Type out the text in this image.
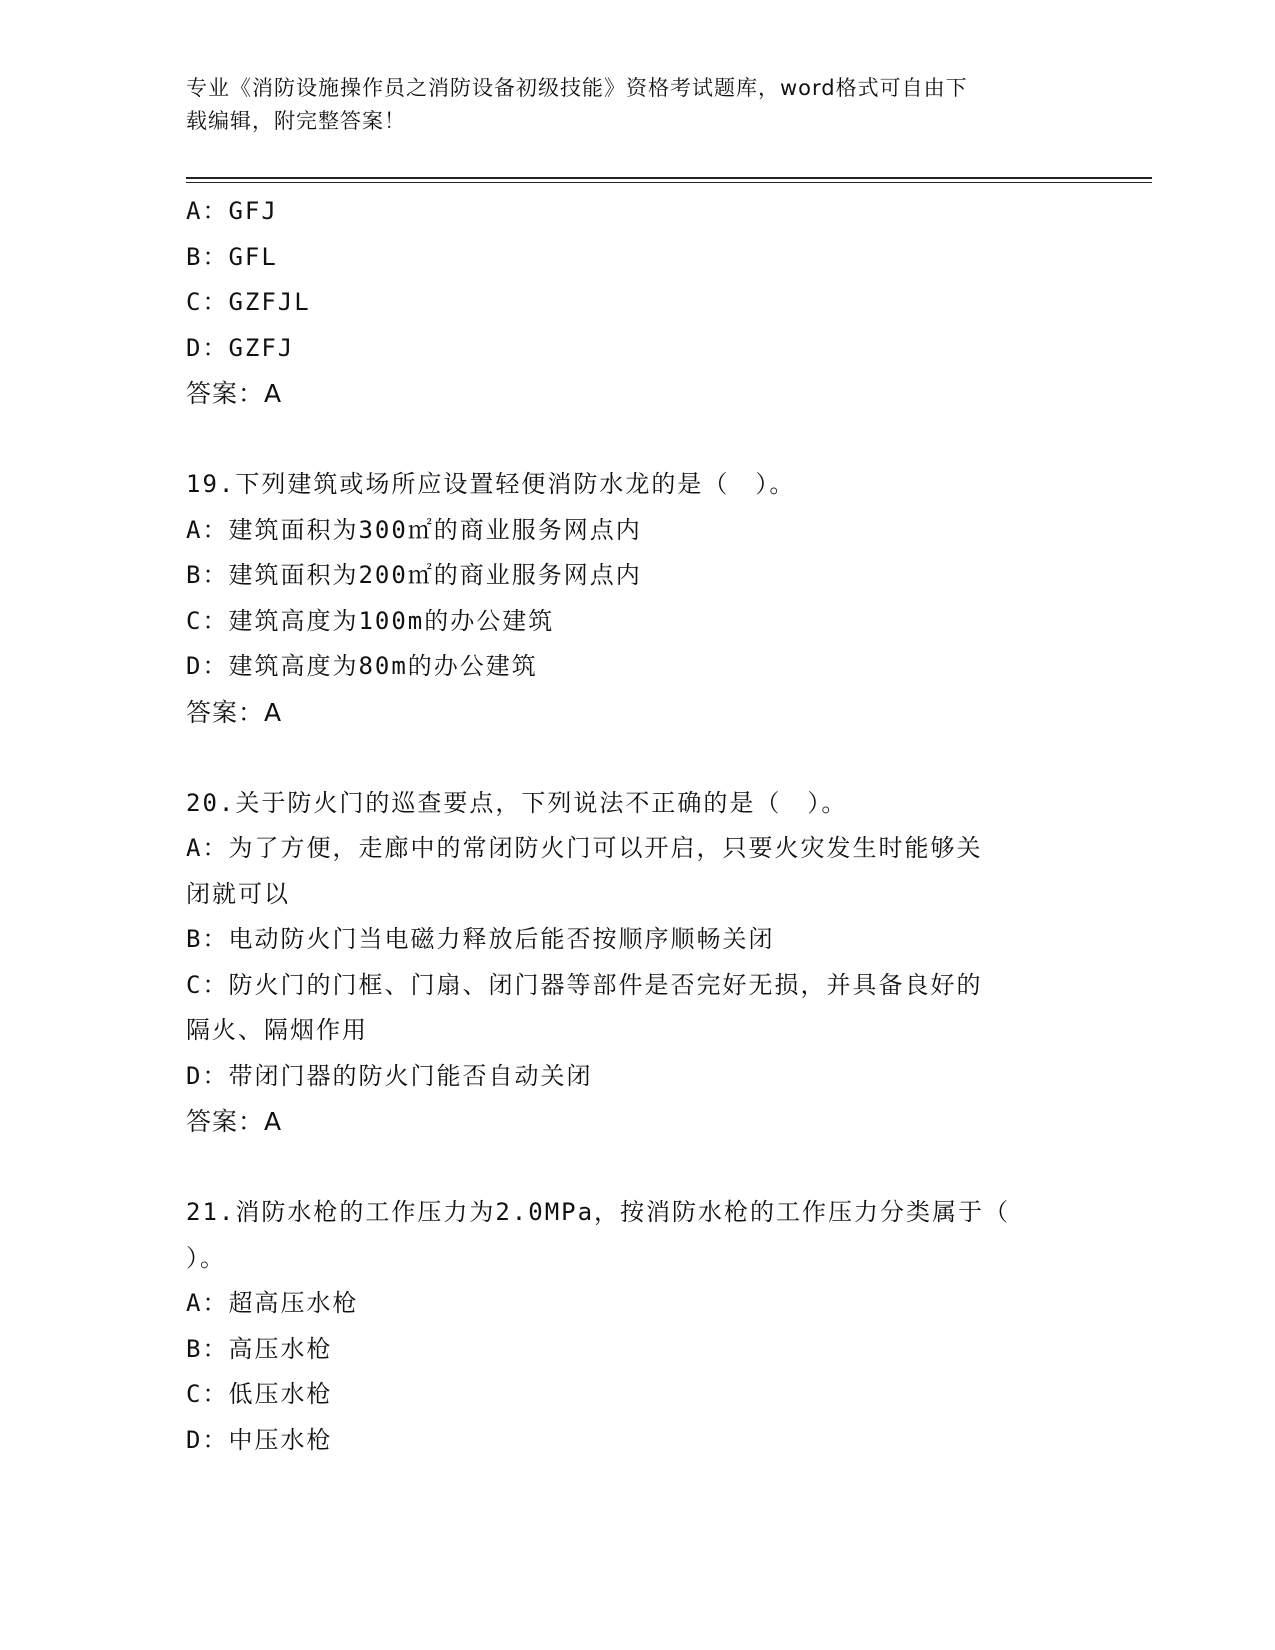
专业《消防设施操作员之消防设备初级技能》资格考试题库，word格式可自由下
载编辑，附完整答案！

A：GFJ

B：GFL

C：GZFJL

D：GZFJ

答案：A

19.下列建筑或场所应设置轻便消防水龙的是（　）。

A：建筑面积为300㎡的商业服务网点内

B：建筑面积为200㎡的商业服务网点内

C：建筑高度为100m的办公建筑

D：建筑高度为80m的办公建筑

答案：A

20.关于防火门的巡查要点，下列说法不正确的是（　）。

A：为了方便，走廊中的常闭防火门可以开启，只要火灾发生时能够关

闭就可以

B：电动防火门当电磁力释放后能否按顺序顺畅关闭

C：防火门的门框、门扇、闭门器等部件是否完好无损，并具备良好的

隔火、隔烟作用

D：带闭门器的防火门能否自动关闭

答案：A

21.消防水枪的工作压力为2.0MPa，按消防水枪的工作压力分类属于（

）。

A：超高压水枪

B：高压水枪

C：低压水枪

D：中压水枪
